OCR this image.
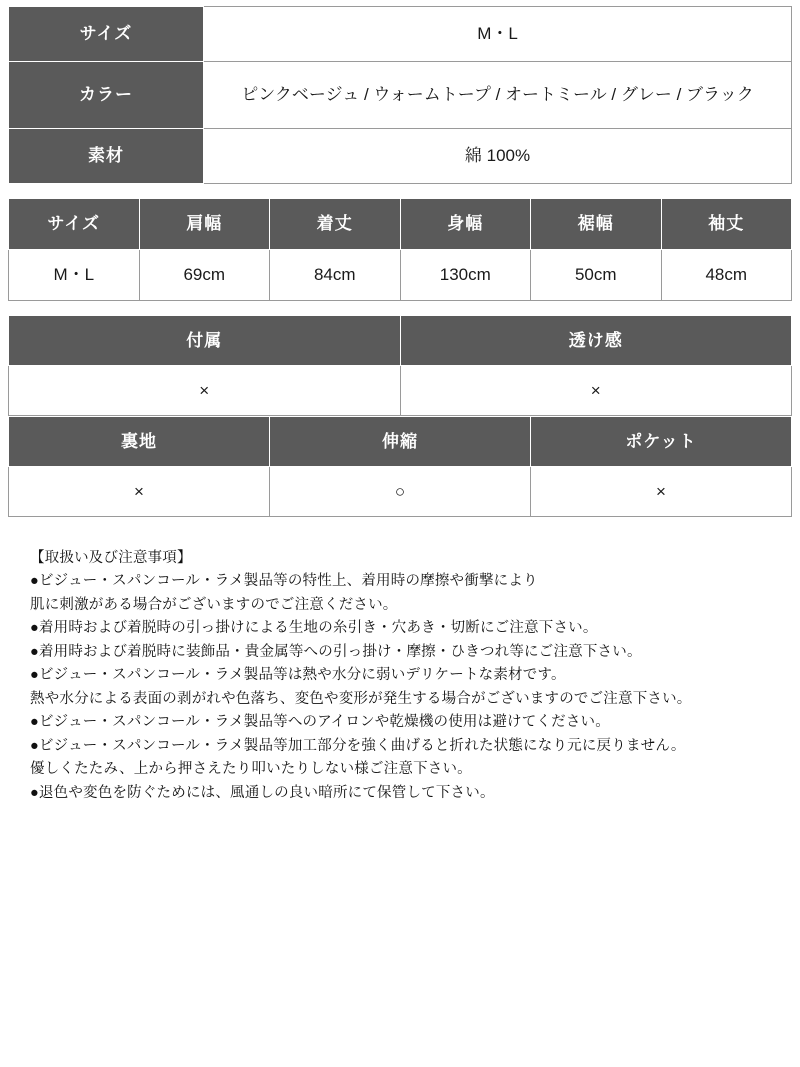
サイズ	M・L
カラー	ピンクベージュ / ウォームトープ / オートミール / グレー / ブラック
素材	綿 100%
サイズ	肩幅	着丈	身幅	裾幅	袖丈
M・L	69cm	84cm	130cm	50cm	48cm
付属	透け感
×	×
裏地	伸縮	ポケット
×	○	×

【取扱い及び注意事項】

●ビジュー・スパンコール・ラメ製品等の特性上、着用時の摩擦や衝撃により

肌に刺激がある場合がございますのでご注意ください。

●着用時および着脱時の引っ掛けによる生地の糸引き・穴あき・切断にご注意下さい。

●着用時および着脱時に装飾品・貴金属等への引っ掛け・摩擦・ひきつれ等にご注意下さい。

●ビジュー・スパンコール・ラメ製品等は熱や水分に弱いデリケートな素材です。

熱や水分による表面の剥がれや色落ち、変色や変形が発生する場合がございますのでご注意下さい。

●ビジュー・スパンコール・ラメ製品等へのアイロンや乾燥機の使用は避けてください。

●ビジュー・スパンコール・ラメ製品等加工部分を強く曲げると折れた状態になり元に戻りません。

優しくたたみ、上から押さえたり叩いたりしない様ご注意下さい。

●退色や変色を防ぐためには、風通しの良い暗所にて保管して下さい。
